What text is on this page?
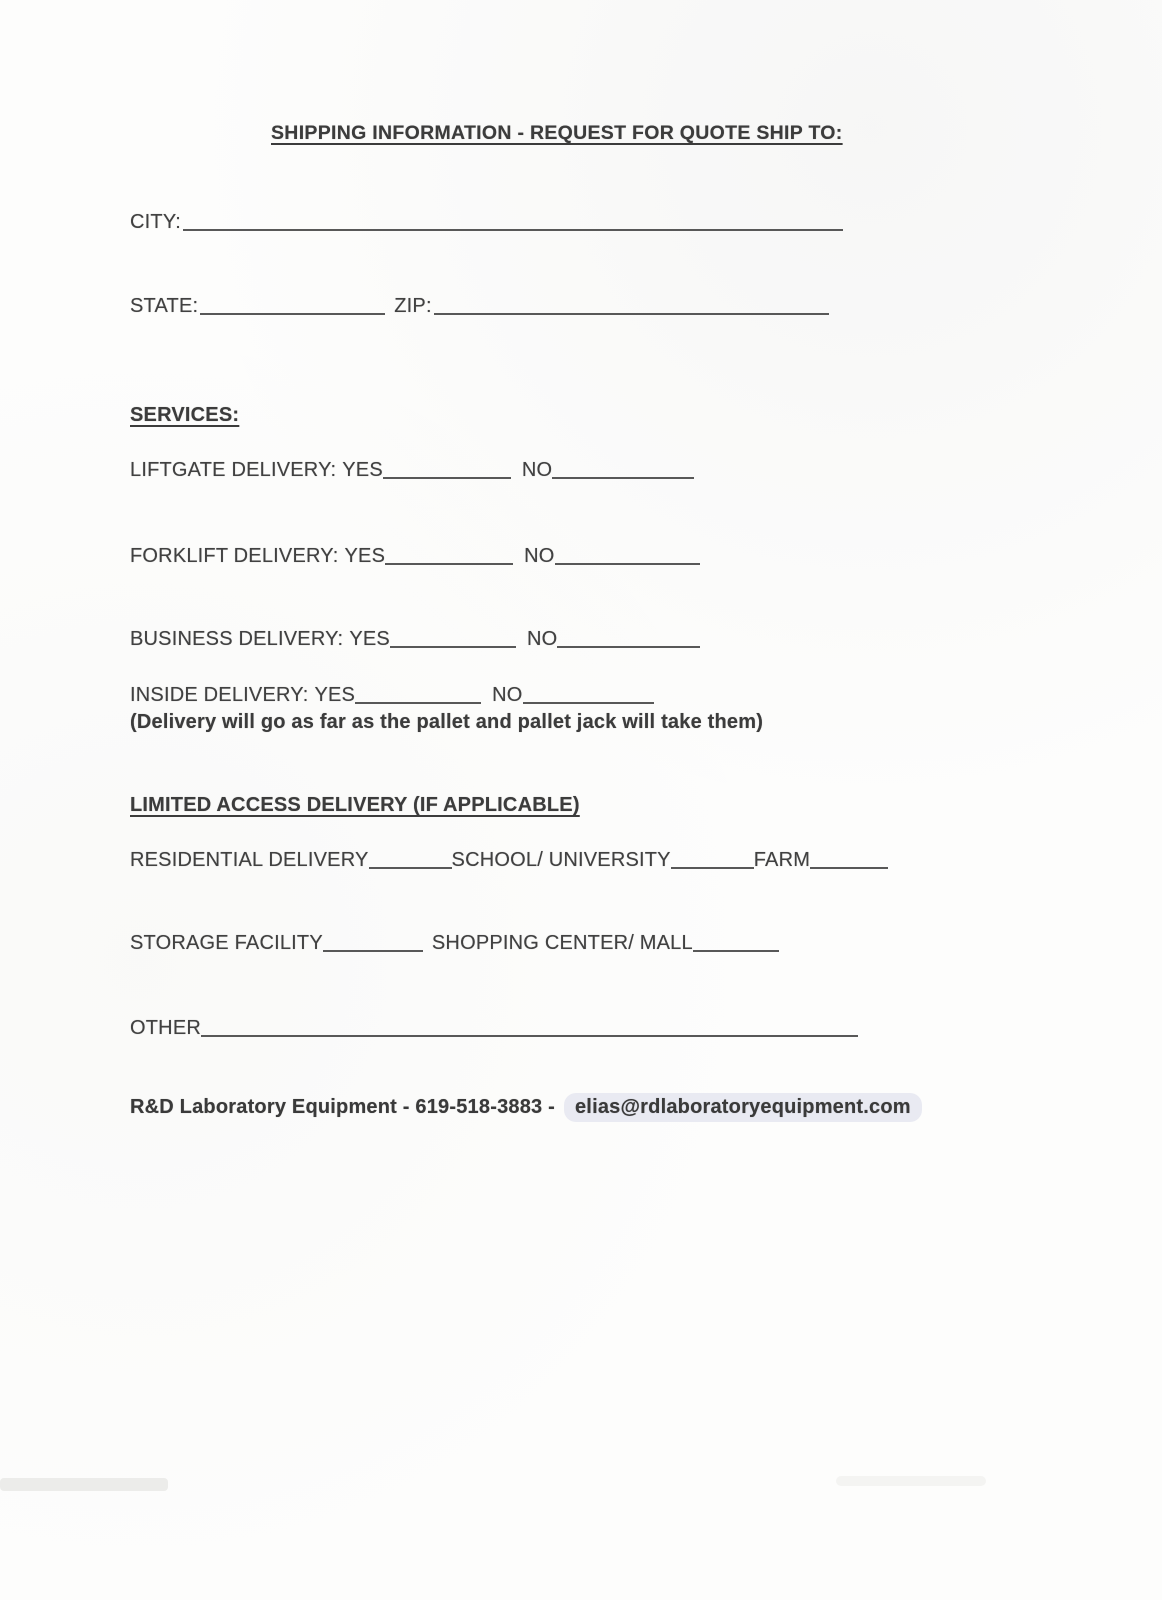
SHIPPING INFORMATION - REQUEST FOR QUOTE SHIP TO:
CITY:
STATE:	ZIP:
SERVICES:
LIFTGATE DELIVERY: YES	NO
FORKLIFT DELIVERY: YES	NO
BUSINESS DELIVERY: YES	NO
INSIDE DELIVERY: YES	NO
(Delivery will go as far as the pallet and pallet jack will take them)
LIMITED ACCESS DELIVERY (IF APPLICABLE)
RESIDENTIAL DELIVERY	SCHOOL/ UNIVERSITY	FARM
STORAGE FACILITY	SHOPPING CENTER/ MALL
OTHER
R&D Laboratory Equipment - 619-518-3883 - elias@rdlaboratoryequipment.com
